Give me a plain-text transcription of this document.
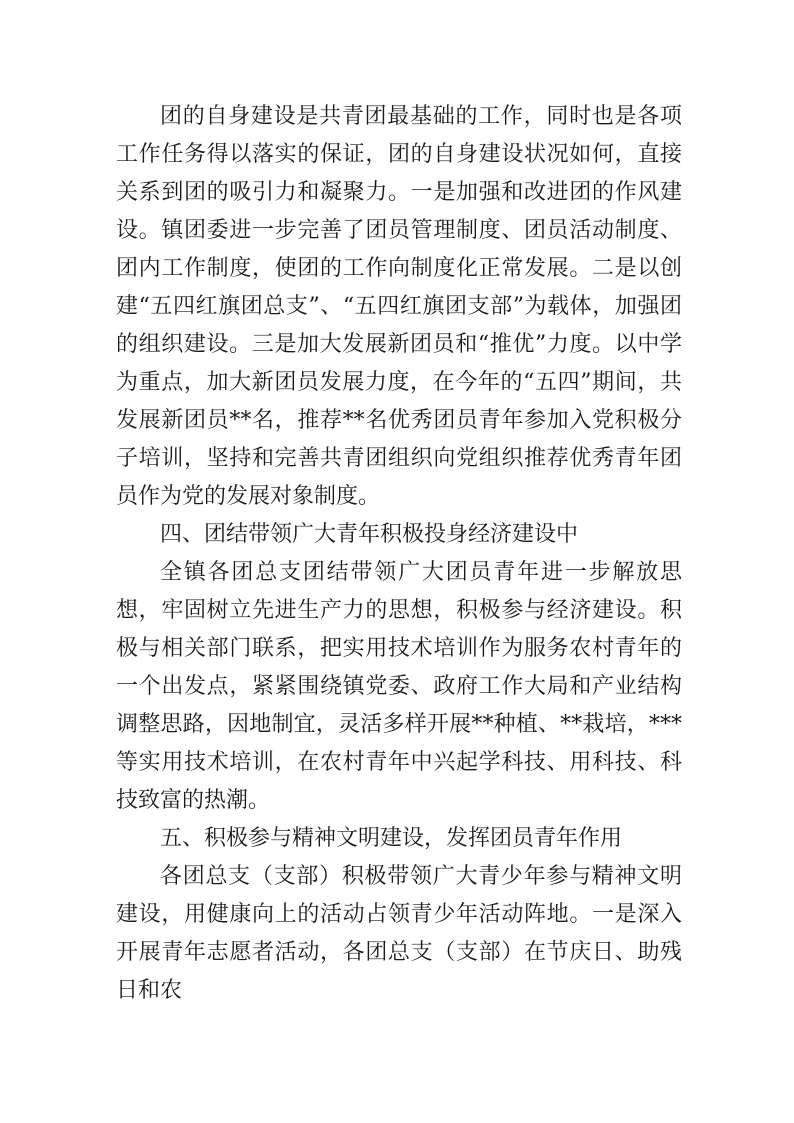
团的自身建设是共青团最基础的工作，同时也是各项工作任务得以落实的保证，团的自身建设状况如何，直接关系到团的吸引力和凝聚力。一是加强和改进团的作风建设。镇团委进一步完善了团员管理制度、团员活动制度、团内工作制度，使团的工作向制度化正常发展。二是以创建“五四红旗团总支”、“五四红旗团支部”为载体，加强团的组织建设。三是加大发展新团员和“推优”力度。以中学为重点，加大新团员发展力度，在今年的“五四”期间，共发展新团员**名，推荐**名优秀团员青年参加入党积极分子培训，坚持和完善共青团组织向党组织推荐优秀青年团员作为党的发展对象制度。

四、团结带领广大青年积极投身经济建设中

全镇各团总支团结带领广大团员青年进一步解放思想，牢固树立先进生产力的思想，积极参与经济建设。积极与相关部门联系，把实用技术培训作为服务农村青年的一个出发点，紧紧围绕镇党委、政府工作大局和产业结构调整思路，因地制宜，灵活多样开展**种植、**栽培，***等实用技术培训，在农村青年中兴起学科技、用科技、科技致富的热潮。

五、积极参与精神文明建设，发挥团员青年作用

各团总支（支部）积极带领广大青少年参与精神文明建设，用健康向上的活动占领青少年活动阵地。一是深入开展青年志愿者活动，各团总支（支部）在节庆日、助残日和农
